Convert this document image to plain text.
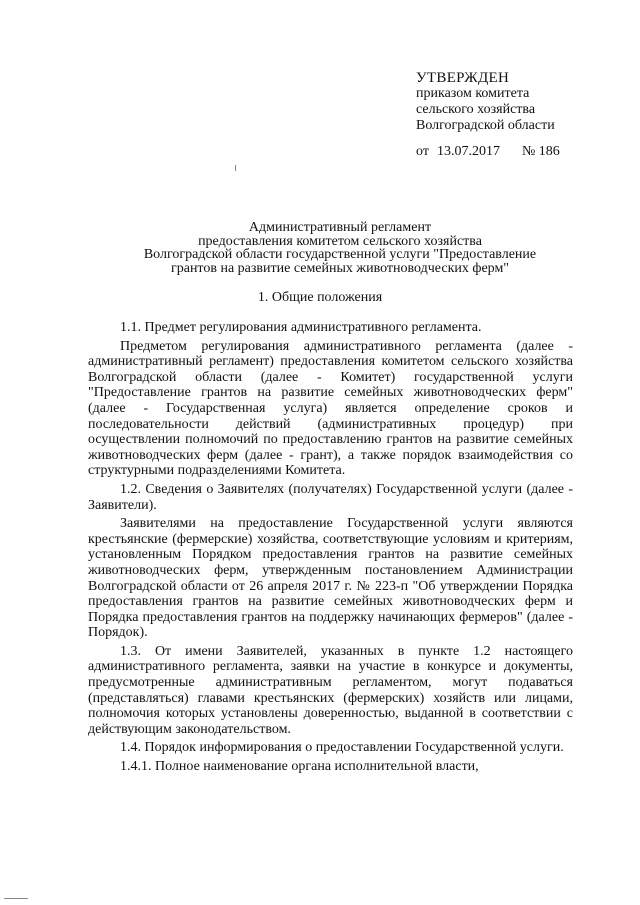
УТВЕРЖДЕН
приказом комитета
сельского хозяйства
Волгоградской области
от 13.07.2017 № 186
Административный регламент
предоставления комитетом сельского хозяйства
Волгоградской области государственной услуги "Предоставление
грантов на развитие семейных животноводческих ферм"
1. Общие положения

1.1. Предмет регулирования административного регламента.

Предметом регулирования административного регламента (далее - административный регламент) предоставления комитетом сельского хозяйства Волгоградской области (далее - Комитет) государственной услуги "Предоставление грантов на развитие семейных животноводческих ферм" (далее - Государственная услуга) является определение сроков и последовательности действий (административных процедур) при осуществлении полномочий по предоставлению грантов на развитие семейных животноводческих ферм (далее - грант), а также порядок взаимодействия со структурными подразделениями Комитета.

1.2. Сведения о Заявителях (получателях) Государственной услуги (далее - Заявители).

Заявителями на предоставление Государственной услуги являются крестьянские (фермерские) хозяйства, соответствующие условиям и критериям, установленным Порядком предоставления грантов на развитие семейных животноводческих ферм, утвержденным постановлением Администрации Волгоградской области от 26 апреля 2017 г. № 223-п "Об утверждении Порядка предоставления грантов на развитие семейных животноводческих ферм и Порядка предоставления грантов на поддержку начинающих фермеров" (далее - Порядок).

1.3. От имени Заявителей, указанных в пункте 1.2 настоящего административного регламента, заявки на участие в конкурсе и документы, предусмотренные административным регламентом, могут подаваться (представляться) главами крестьянских (фермерских) хозяйств или лицами, полномочия которых установлены доверенностью, выданной в соответствии с действующим законодательством.

1.4. Порядок информирования о предоставлении Государственной услуги.

1.4.1. Полное наименование органа исполнительной власти,
